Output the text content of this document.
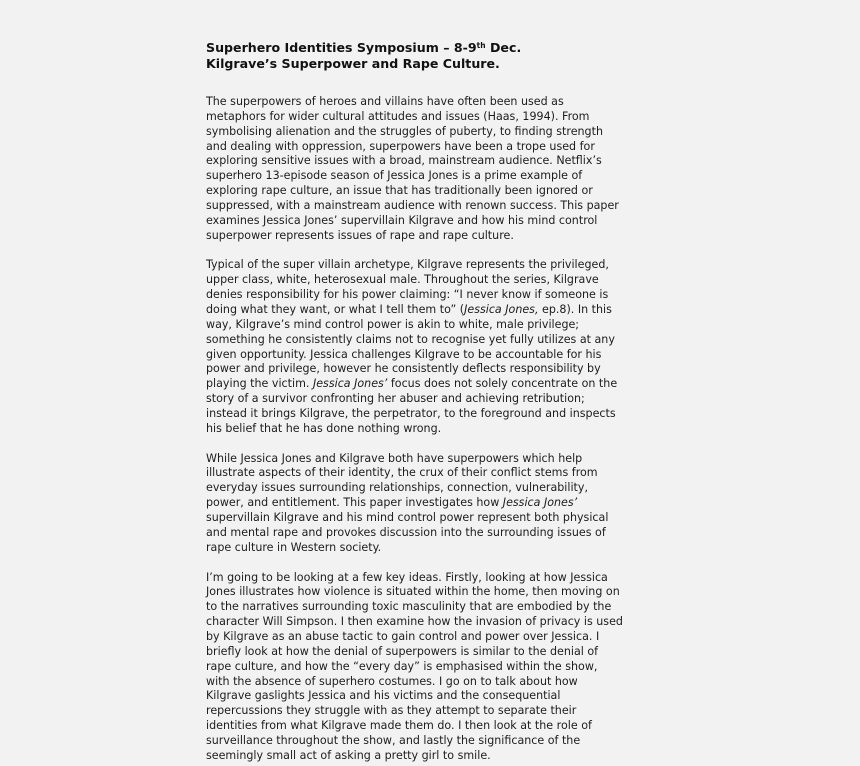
Superhero Identities Symposium – 8-9th Dec.
Kilgrave’s Superpower and Rape Culture.

The superpowers of heroes and villains have often been used as
metaphors for wider cultural attitudes and issues (Haas, 1994). From
symbolising alienation and the struggles of puberty, to finding strength
and dealing with oppression, superpowers have been a trope used for
exploring sensitive issues with a broad, mainstream audience. Netflix’s
superhero 13-episode season of Jessica Jones is a prime example of
exploring rape culture, an issue that has traditionally been ignored or
suppressed, with a mainstream audience with renown success. This paper
examines Jessica Jones’ supervillain Kilgrave and how his mind control
superpower represents issues of rape and rape culture.

Typical of the super villain archetype, Kilgrave represents the privileged,
upper class, white, heterosexual male. Throughout the series, Kilgrave
denies responsibility for his power claiming: “I never know if someone is
doing what they want, or what I tell them to” (Jessica Jones, ep.8). In this
way, Kilgrave’s mind control power is akin to white, male privilege;
something he consistently claims not to recognise yet fully utilizes at any
given opportunity. Jessica challenges Kilgrave to be accountable for his
power and privilege, however he consistently deflects responsibility by
playing the victim. Jessica Jones’ focus does not solely concentrate on the
story of a survivor confronting her abuser and achieving retribution;
instead it brings Kilgrave, the perpetrator, to the foreground and inspects
his belief that he has done nothing wrong.

While Jessica Jones and Kilgrave both have superpowers which help
illustrate aspects of their identity, the crux of their conflict stems from
everyday issues surrounding relationships, connection, vulnerability,
power, and entitlement. This paper investigates how Jessica Jones’
supervillain Kilgrave and his mind control power represent both physical
and mental rape and provokes discussion into the surrounding issues of
rape culture in Western society.

I’m going to be looking at a few key ideas. Firstly, looking at how Jessica
Jones illustrates how violence is situated within the home, then moving on
to the narratives surrounding toxic masculinity that are embodied by the
character Will Simpson. I then examine how the invasion of privacy is used
by Kilgrave as an abuse tactic to gain control and power over Jessica. I
briefly look at how the denial of superpowers is similar to the denial of
rape culture, and how the “every day” is emphasised within the show,
with the absence of superhero costumes. I go on to talk about how
Kilgrave gaslights Jessica and his victims and the consequential
repercussions they struggle with as they attempt to separate their
identities from what Kilgrave made them do. I then look at the role of
surveillance throughout the show, and lastly the significance of the
seemingly small act of asking a pretty girl to smile.
